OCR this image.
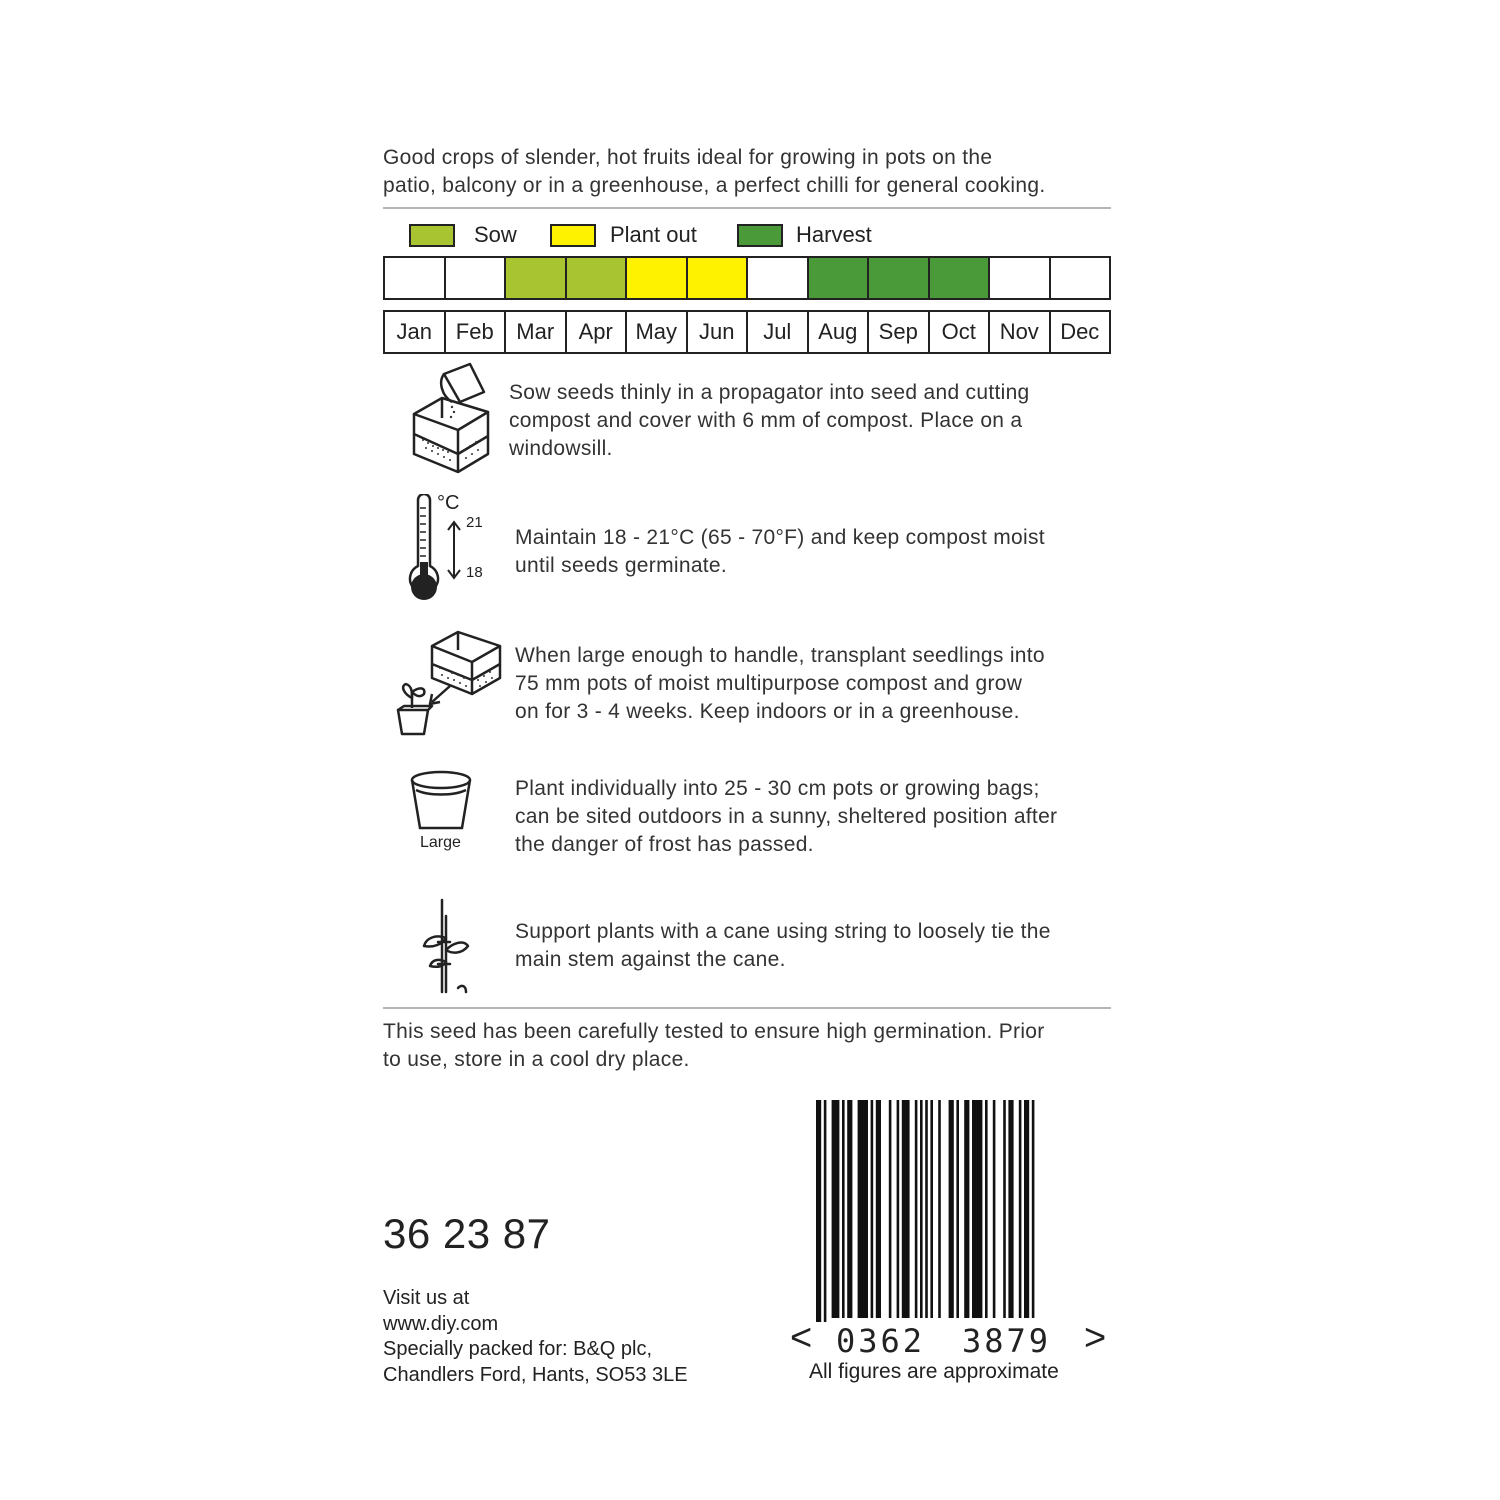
Good crops of slender, hot fruits ideal for growing in pots on the
patio, balcony or in a greenhouse, a perfect chilli for general cooking.
Sow	Plant out	Harvest
Jan	Feb	Mar	Apr	May Jun	Jul	Aug Sep	Oct	Nov Dec
Sow seeds thinly in a propagator into seed and cutting
compost and cover with 6 mm of compost. Place on a
windowsill.
°C
21
18
Maintain 18 - 21°C (65 - 70°F) and keep compost moist
until seeds germinate.
When large enough to handle, transplant seedlings into
75 mm pots of moist multipurpose compost and grow
on for 3 - 4 weeks. Keep indoors or in a greenhouse.
Large
Plant individually into 25 - 30 cm pots or growing bags;
can be sited outdoors in a sunny, sheltered position after
the danger of frost has passed.
Support plants with a cane using string to loosely tie the
main stem against the cane.
This seed has been carefully tested to ensure high germination. Prior
to use, store in a cool dry place.
36 23 87
Visit us at
www.diy.com
Specially packed for: B&Q plc,
Chandlers Ford, Hants, SO53 3LE
< 0362 3879 >
All figures are approximate
